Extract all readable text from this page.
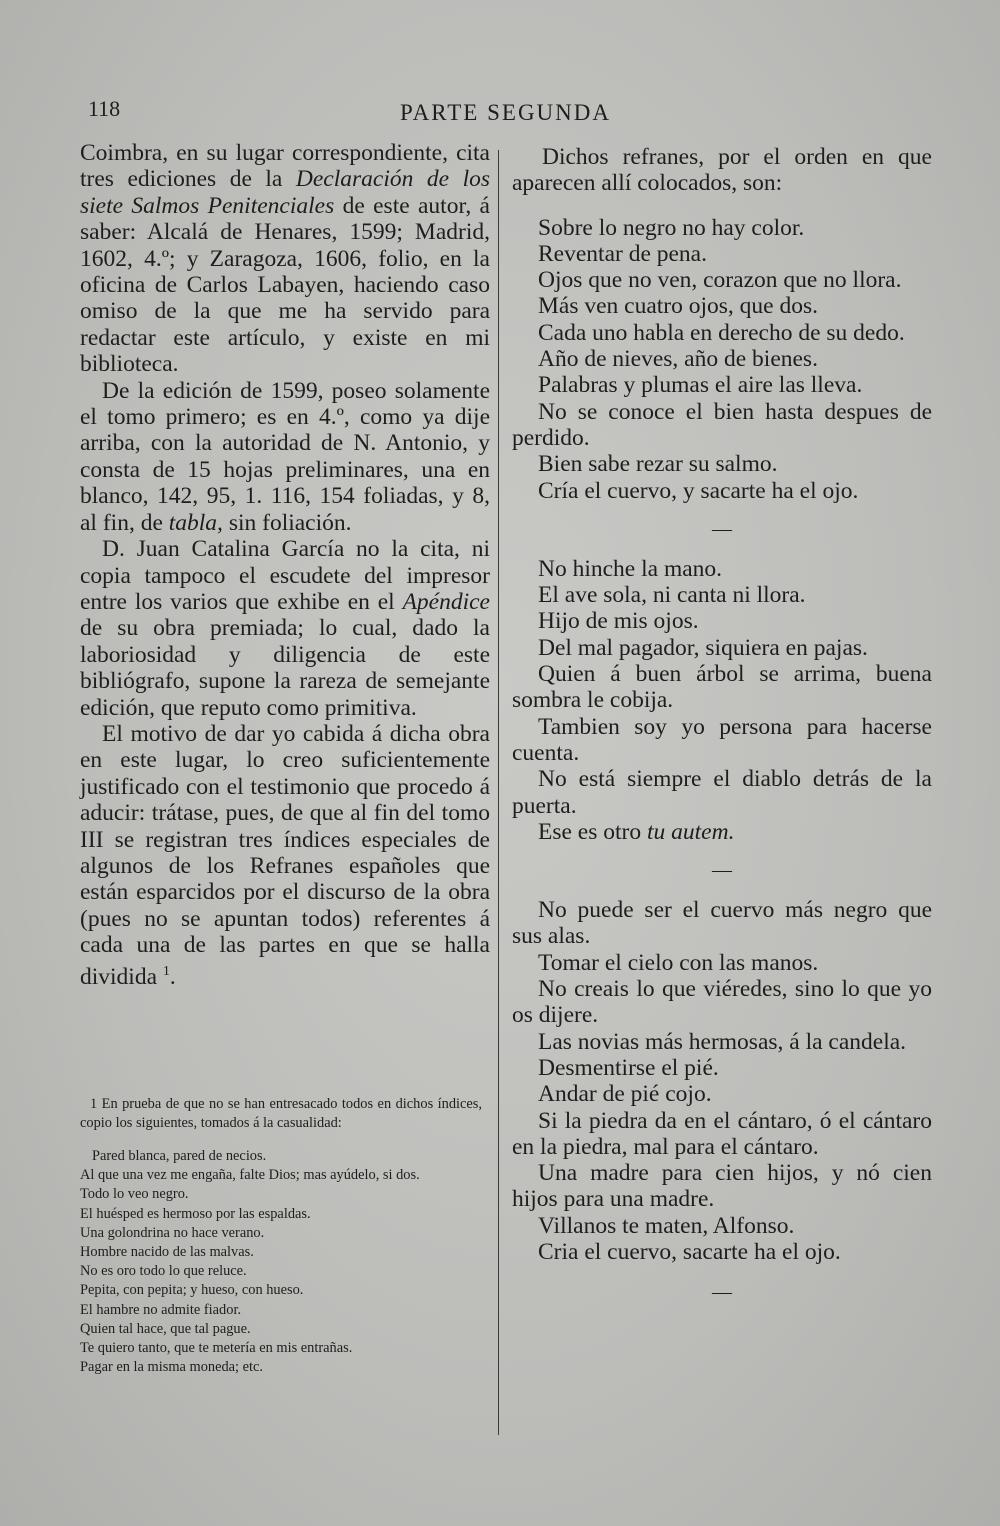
118	PARTE SEGUNDA

Coimbra, en su lugar correspondiente, cita tres ediciones de la Declaración de los siete Salmos Penitenciales de este autor, á saber: Alcalá de Henares, 1599; Madrid, 1602, 4.º; y Zaragoza, 1606, folio, en la oficina de Carlos Labayen, haciendo caso omiso de la que me ha servido para redactar este artículo, y existe en mi biblioteca.

De la edición de 1599, poseo solamente el tomo primero; es en 4.º, como ya dije arriba, con la autoridad de N. Antonio, y consta de 15 hojas preliminares, una en blanco, 142, 95, 1. 116, 154 foliadas, y 8, al fin, de tabla, sin foliación.

D. Juan Catalina García no la cita, ni copia tampoco el escudete del impresor entre los varios que exhibe en el Apéndice de su obra premiada; lo cual, dado la laboriosidad y diligencia de este bibliógrafo, supone la rareza de semejante edición, que reputo como primitiva.

El motivo de dar yo cabida á dicha obra en este lugar, lo creo suficientemente justificado con el testimonio que procedo á aducir: trátase, pues, de que al fin del tomo III se registran tres índices especiales de algunos de los Refranes españoles que están esparcidos por el discurso de la obra (pues no se apuntan todos) referentes á cada una de las partes en que se halla dividida $^1$.

1 En prueba de que no se han entresacado todos en dichos índices, copio los siguientes, tomados á la casualidad:

Pared blanca, pared de necios.

Al que una vez me engaña, falte Dios; mas ayúdelo, si dos.

Todo lo veo negro.

El huésped es hermoso por las espaldas.

Una golondrina no hace verano.

Hombre nacido de las malvas.

No es oro todo lo que reluce.

Pepita, con pepita; y hueso, con hueso.

El hambre no admite fiador.

Quien tal hace, que tal pague.

Te quiero tanto, que te metería en mis entrañas.

Pagar en la misma moneda; etc.

Dichos refranes, por el orden en que aparecen allí colocados, son:

Sobre lo negro no hay color.

Reventar de pena.

Ojos que no ven, corazon que no llora.

Más ven cuatro ojos, que dos.

Cada uno habla en derecho de su dedo.

Año de nieves, año de bienes.

Palabras y plumas el aire las lleva.

No se conoce el bien hasta despues de perdido.

Bien sabe rezar su salmo.

Cría el cuervo, y sacarte ha el ojo.

—

No hinche la mano.

El ave sola, ni canta ni llora.

Hijo de mis ojos.

Del mal pagador, siquiera en pajas.

Quien á buen árbol se arrima, buena sombra le cobija.

Tambien soy yo persona para hacerse cuenta.

No está siempre el diablo detrás de la puerta.

Ese es otro tu autem.

—

No puede ser el cuervo más negro que sus alas.

Tomar el cielo con las manos.

No creais lo que viéredes, sino lo que yo os dijere.

Las novias más hermosas, á la candela.

Desmentirse el pié.

Andar de pié cojo.

Si la piedra da en el cántaro, ó el cántaro en la piedra, mal para el cántaro.

Una madre para cien hijos, y nó cien hijos para una madre.

Villanos te maten, Alfonso.

Cria el cuervo, sacarte ha el ojo.

—
